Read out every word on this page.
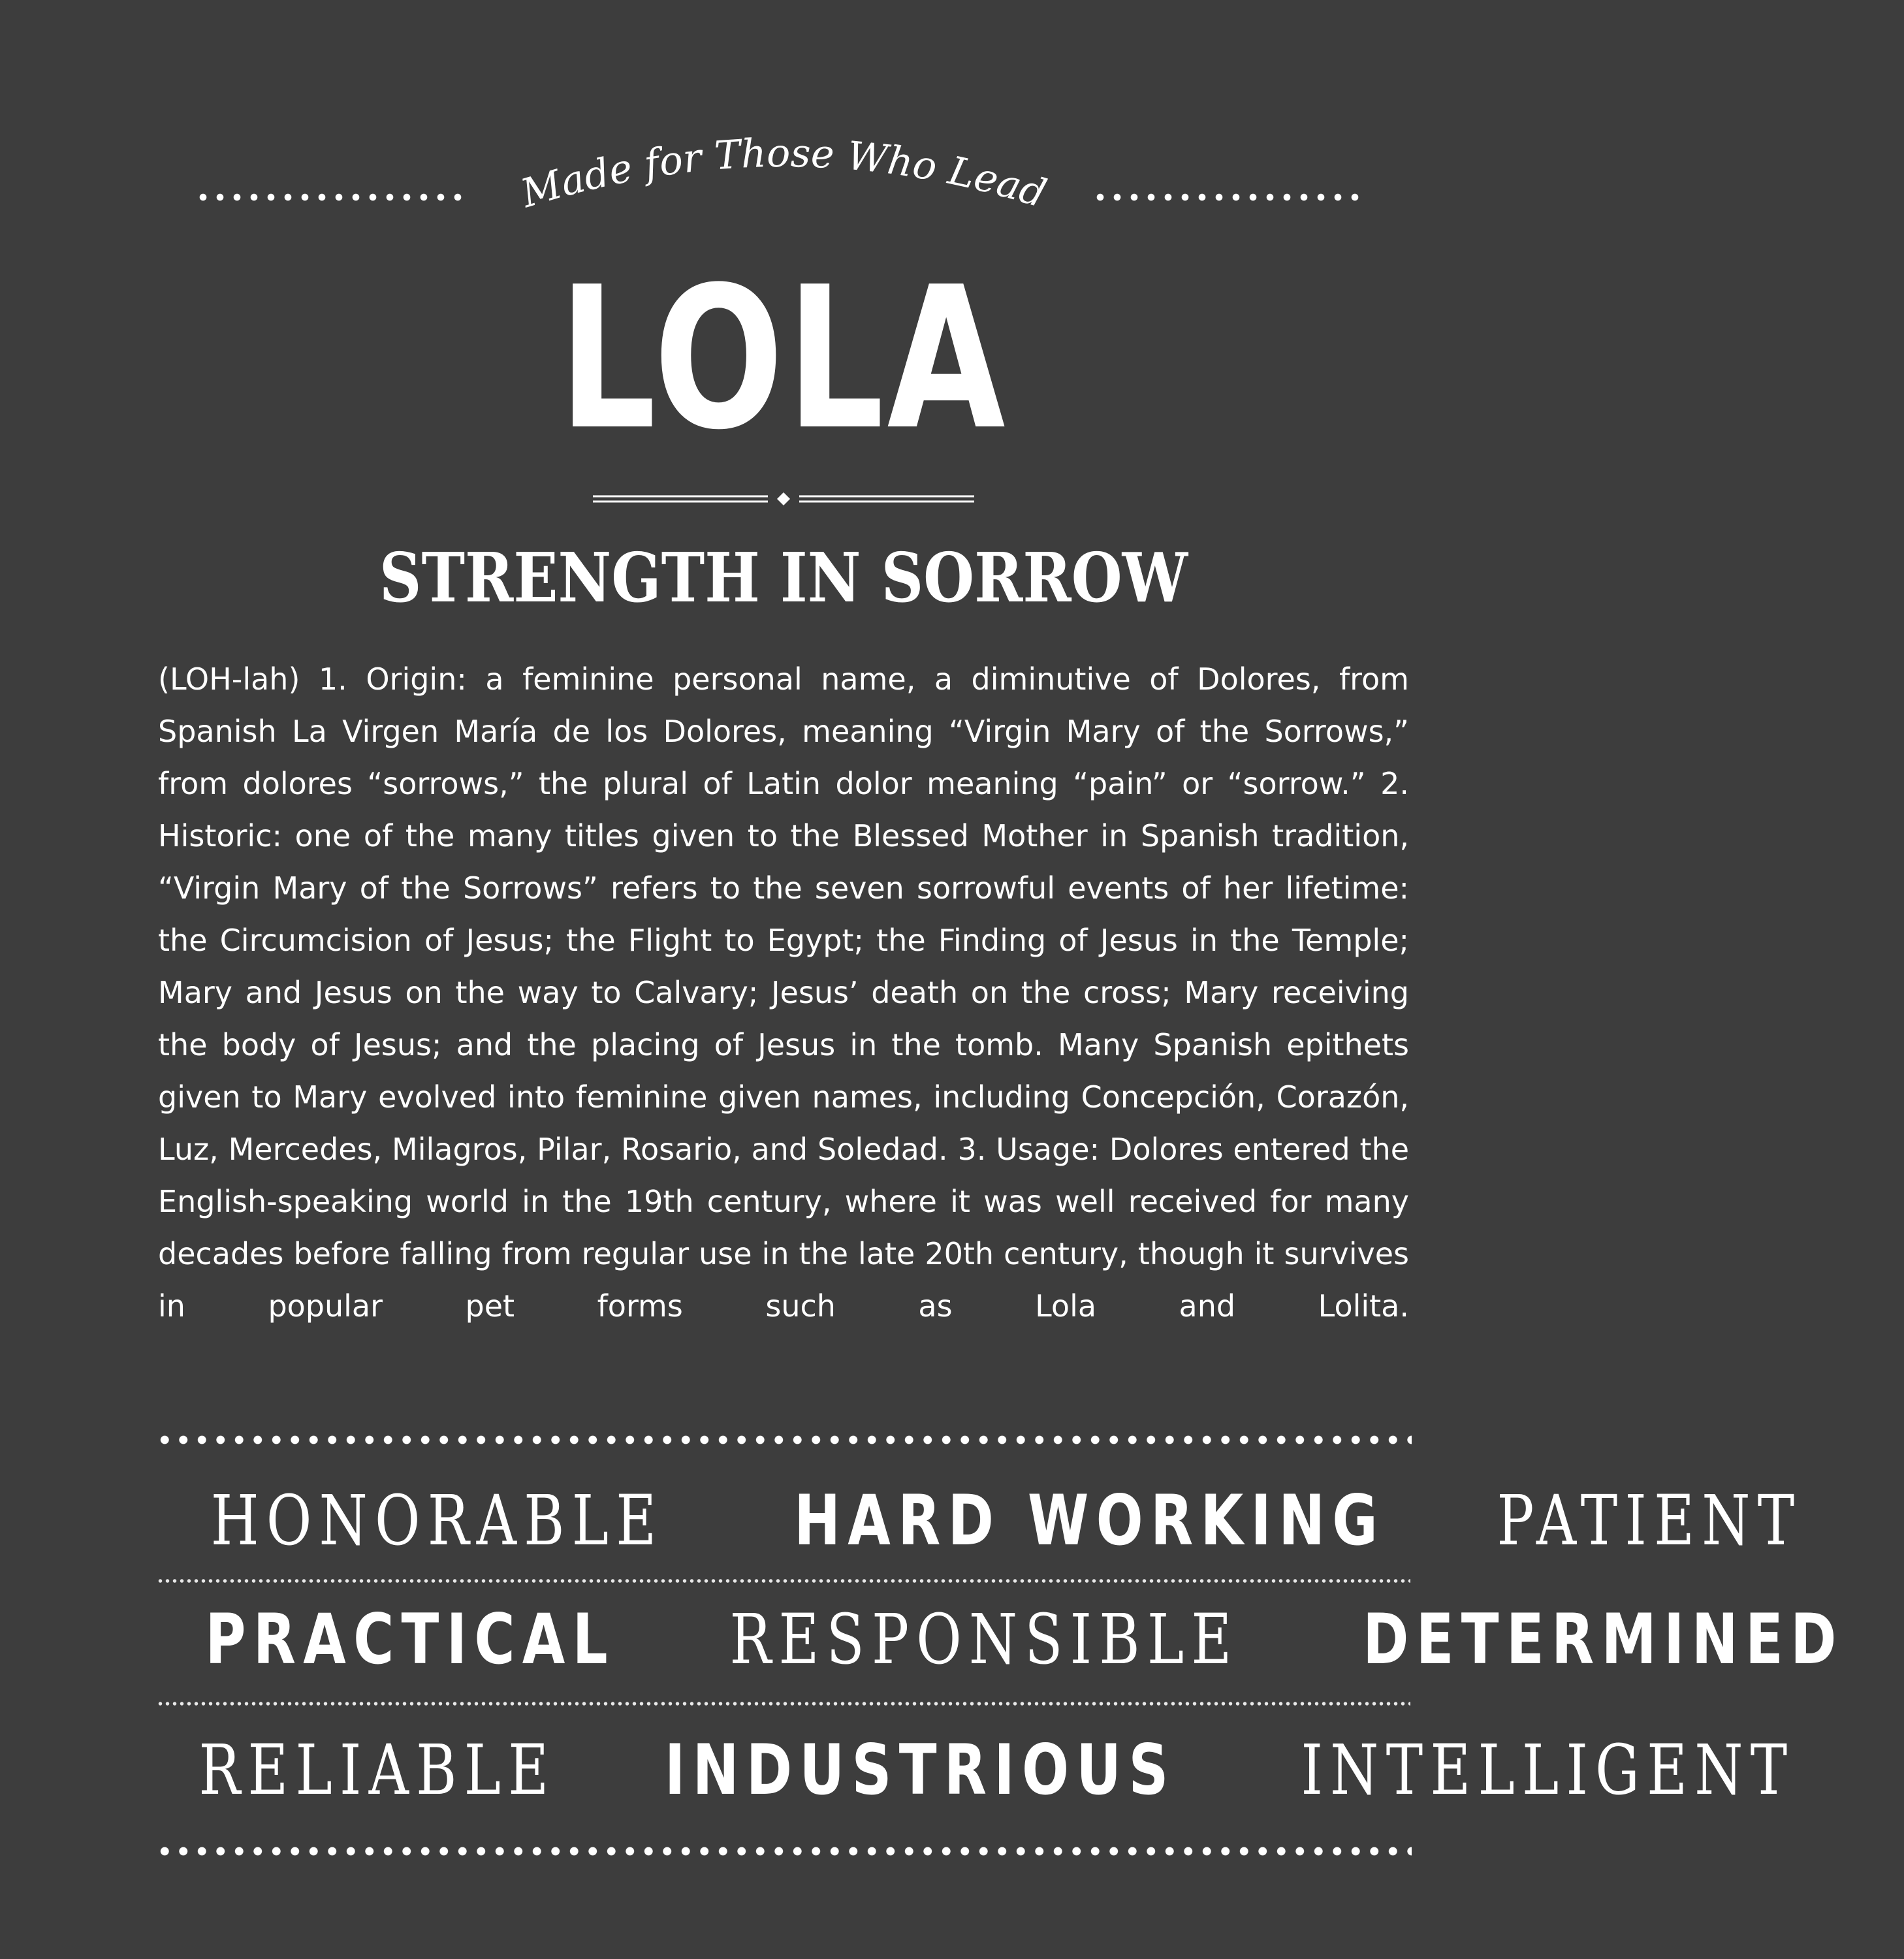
Made for Those Who Lead
LOLA
STRENGTH IN SORROW
(LOH-lah) 1. Origin: a feminine personal name, a diminutive of Dolores, from Spanish La Virgen María de los Dolores, meaning “Virgin Mary of the Sorrows,” from dolores “sorrows,” the plural of Latin dolor meaning “pain” or “sorrow.” 2. Historic: one of the many titles given to the Blessed Mother in Spanish tradition, “Virgin Mary of the Sorrows” refers to the seven sorrowful events of her lifetime: the Circumcision of Jesus; the Flight to Egypt; the Finding of Jesus in the Temple; Mary and Jesus on the way to Calvary; Jesus’ death on the cross; Mary receiving the body of Jesus; and the placing of Jesus in the tomb. Many Spanish epithets given to Mary evolved into feminine given names, including Concepción, Corazón, Luz, Mercedes, Milagros, Pilar, Rosario, and Soledad. 3. Usage: Dolores entered the English-speaking world in the 19th century, where it was well received for many decades before falling from regular use in the late 20th century, though it survives in popular pet forms such as Lola and Lolita.
HONORABLE	HARD WORKING	PATIENT
PRACTICAL	RESPONSIBLE	DETERMINED
RELIABLE	INDUSTRIOUS	INTELLIGENT
